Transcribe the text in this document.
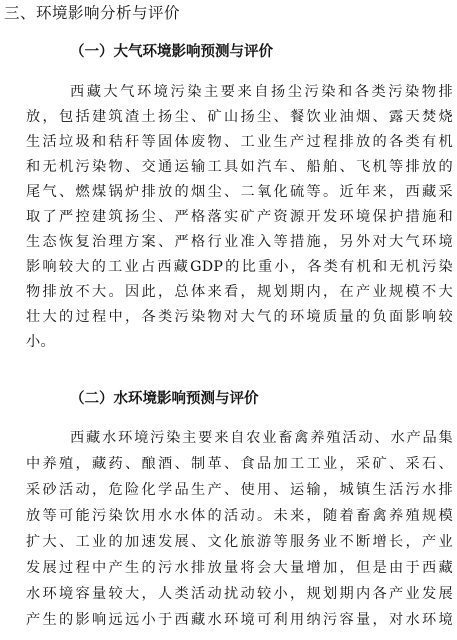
三、环境影响分析与评价
（一）大气环境影响预测与评价
西藏大气环境污染主要来自扬尘污染和各类污染物排
放，包括建筑渣土扬尘、矿山扬尘、餐饮业油烟、露天焚烧
生活垃圾和秸秆等固体废物、工业生产过程排放的各类有机
和无机污染物、交通运输工具如汽车、船舶、飞机等排放的
尾气、燃煤锅炉排放的烟尘、二氧化硫等。近年来，西藏采
取了严控建筑扬尘、严格落实矿产资源开发环境保护措施和
生态恢复治理方案、严格行业准入等措施，另外对大气环境
影响较大的工业占西藏GDP的比重小，各类有机和无机污染
物排放不大。因此，总体来看，规划期内，在产业规模不大
壮大的过程中，各类污染物对大气的环境质量的负面影响较
小。
（二）水环境影响预测与评价
西藏水环境污染主要来自农业畜禽养殖活动、水产品集
中养殖，藏药、酿酒、制革、食品加工工业，采矿、采石、
采砂活动，危险化学品生产、使用、运输，城镇生活污水排
放等可能污染饮用水水体的活动。未来，随着畜禽养殖规模
扩大、工业的加速发展、文化旅游等服务业不断增长，产业
发展过程中产生的污水排放量将会大量增加，但是由于西藏
水环境容量较大，人类活动扰动较小，规划期内各产业发展
产生的影响远远小于西藏水环境可利用纳污容量，对水环境
